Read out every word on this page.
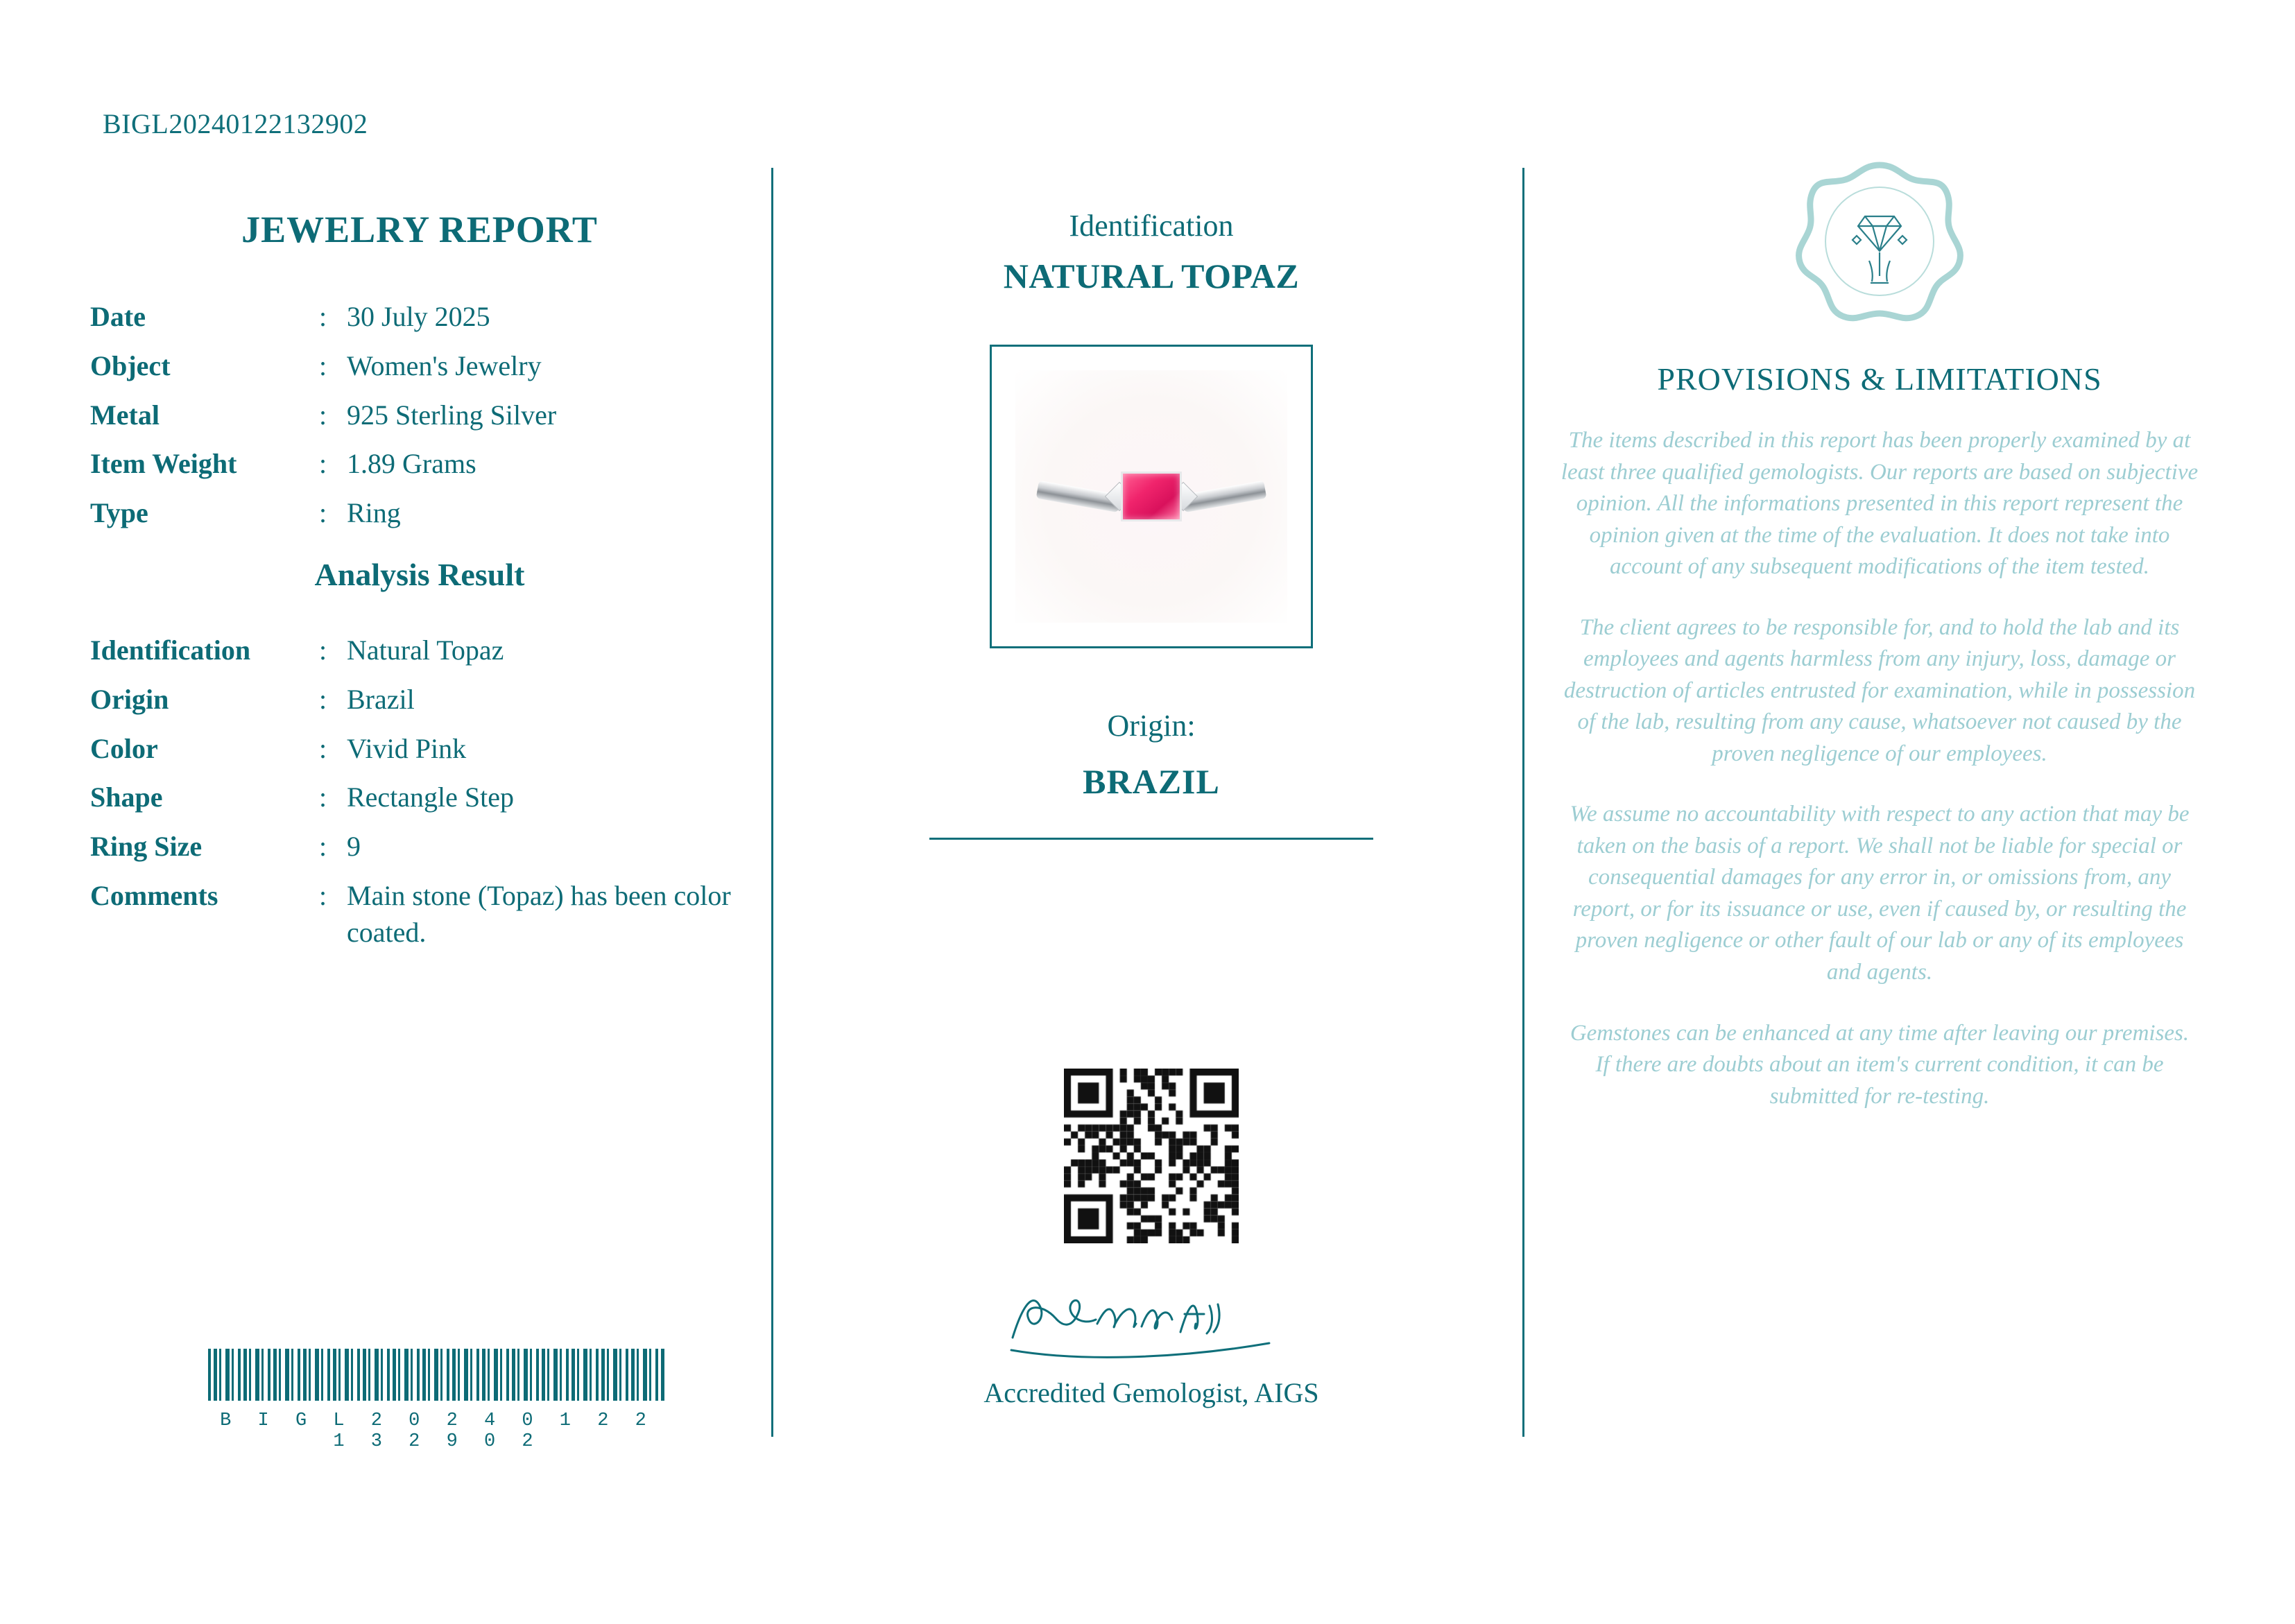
BIGL20240122132902
JEWELRY REPORT
Date	:	30 July 2025
Object	:	Women's Jewelry
Metal	:	925 Sterling Silver
Item Weight	:	1.89 Grams
Type	:	Ring
Analysis Result
Identification	:	Natural Topaz
Origin	:	Brazil
Color	:	Vivid Pink
Shape	:	Rectangle Step
Ring Size	:	9
Comments	:	Main stone (Topaz) has been color coated.
B I G L 2 0 2 4 0 1 2 2 1 3 2 9 0 2
Identification
NATURAL TOPAZ
Origin:
BRAZIL
Accredited Gemologist, AIGS
PROVISIONS & LIMITATIONS

The items described in this report has been properly examined by at least three qualified gemologists. Our reports are based on subjective opinion. All the informations presented in this report represent the opinion given at the time of the evaluation. It does not take into account of any subsequent modifications of the item tested.

The client agrees to be responsible for, and to hold the lab and its employees and agents harmless from any injury, loss, damage or destruction of articles entrusted for examination, while in possession of the lab, resulting from any cause, whatsoever not caused by the proven negligence of our employees.

We assume no accountability with respect to any action that may be taken on the basis of a report. We shall not be liable for special or consequential damages for any error in, or omissions from, any report, or for its issuance or use, even if caused by, or resulting the proven negligence or other fault of our lab or any of its employees and agents.

Gemstones can be enhanced at any time after leaving our premises. If there are doubts about an item's current condition, it can be submitted for re-testing.
